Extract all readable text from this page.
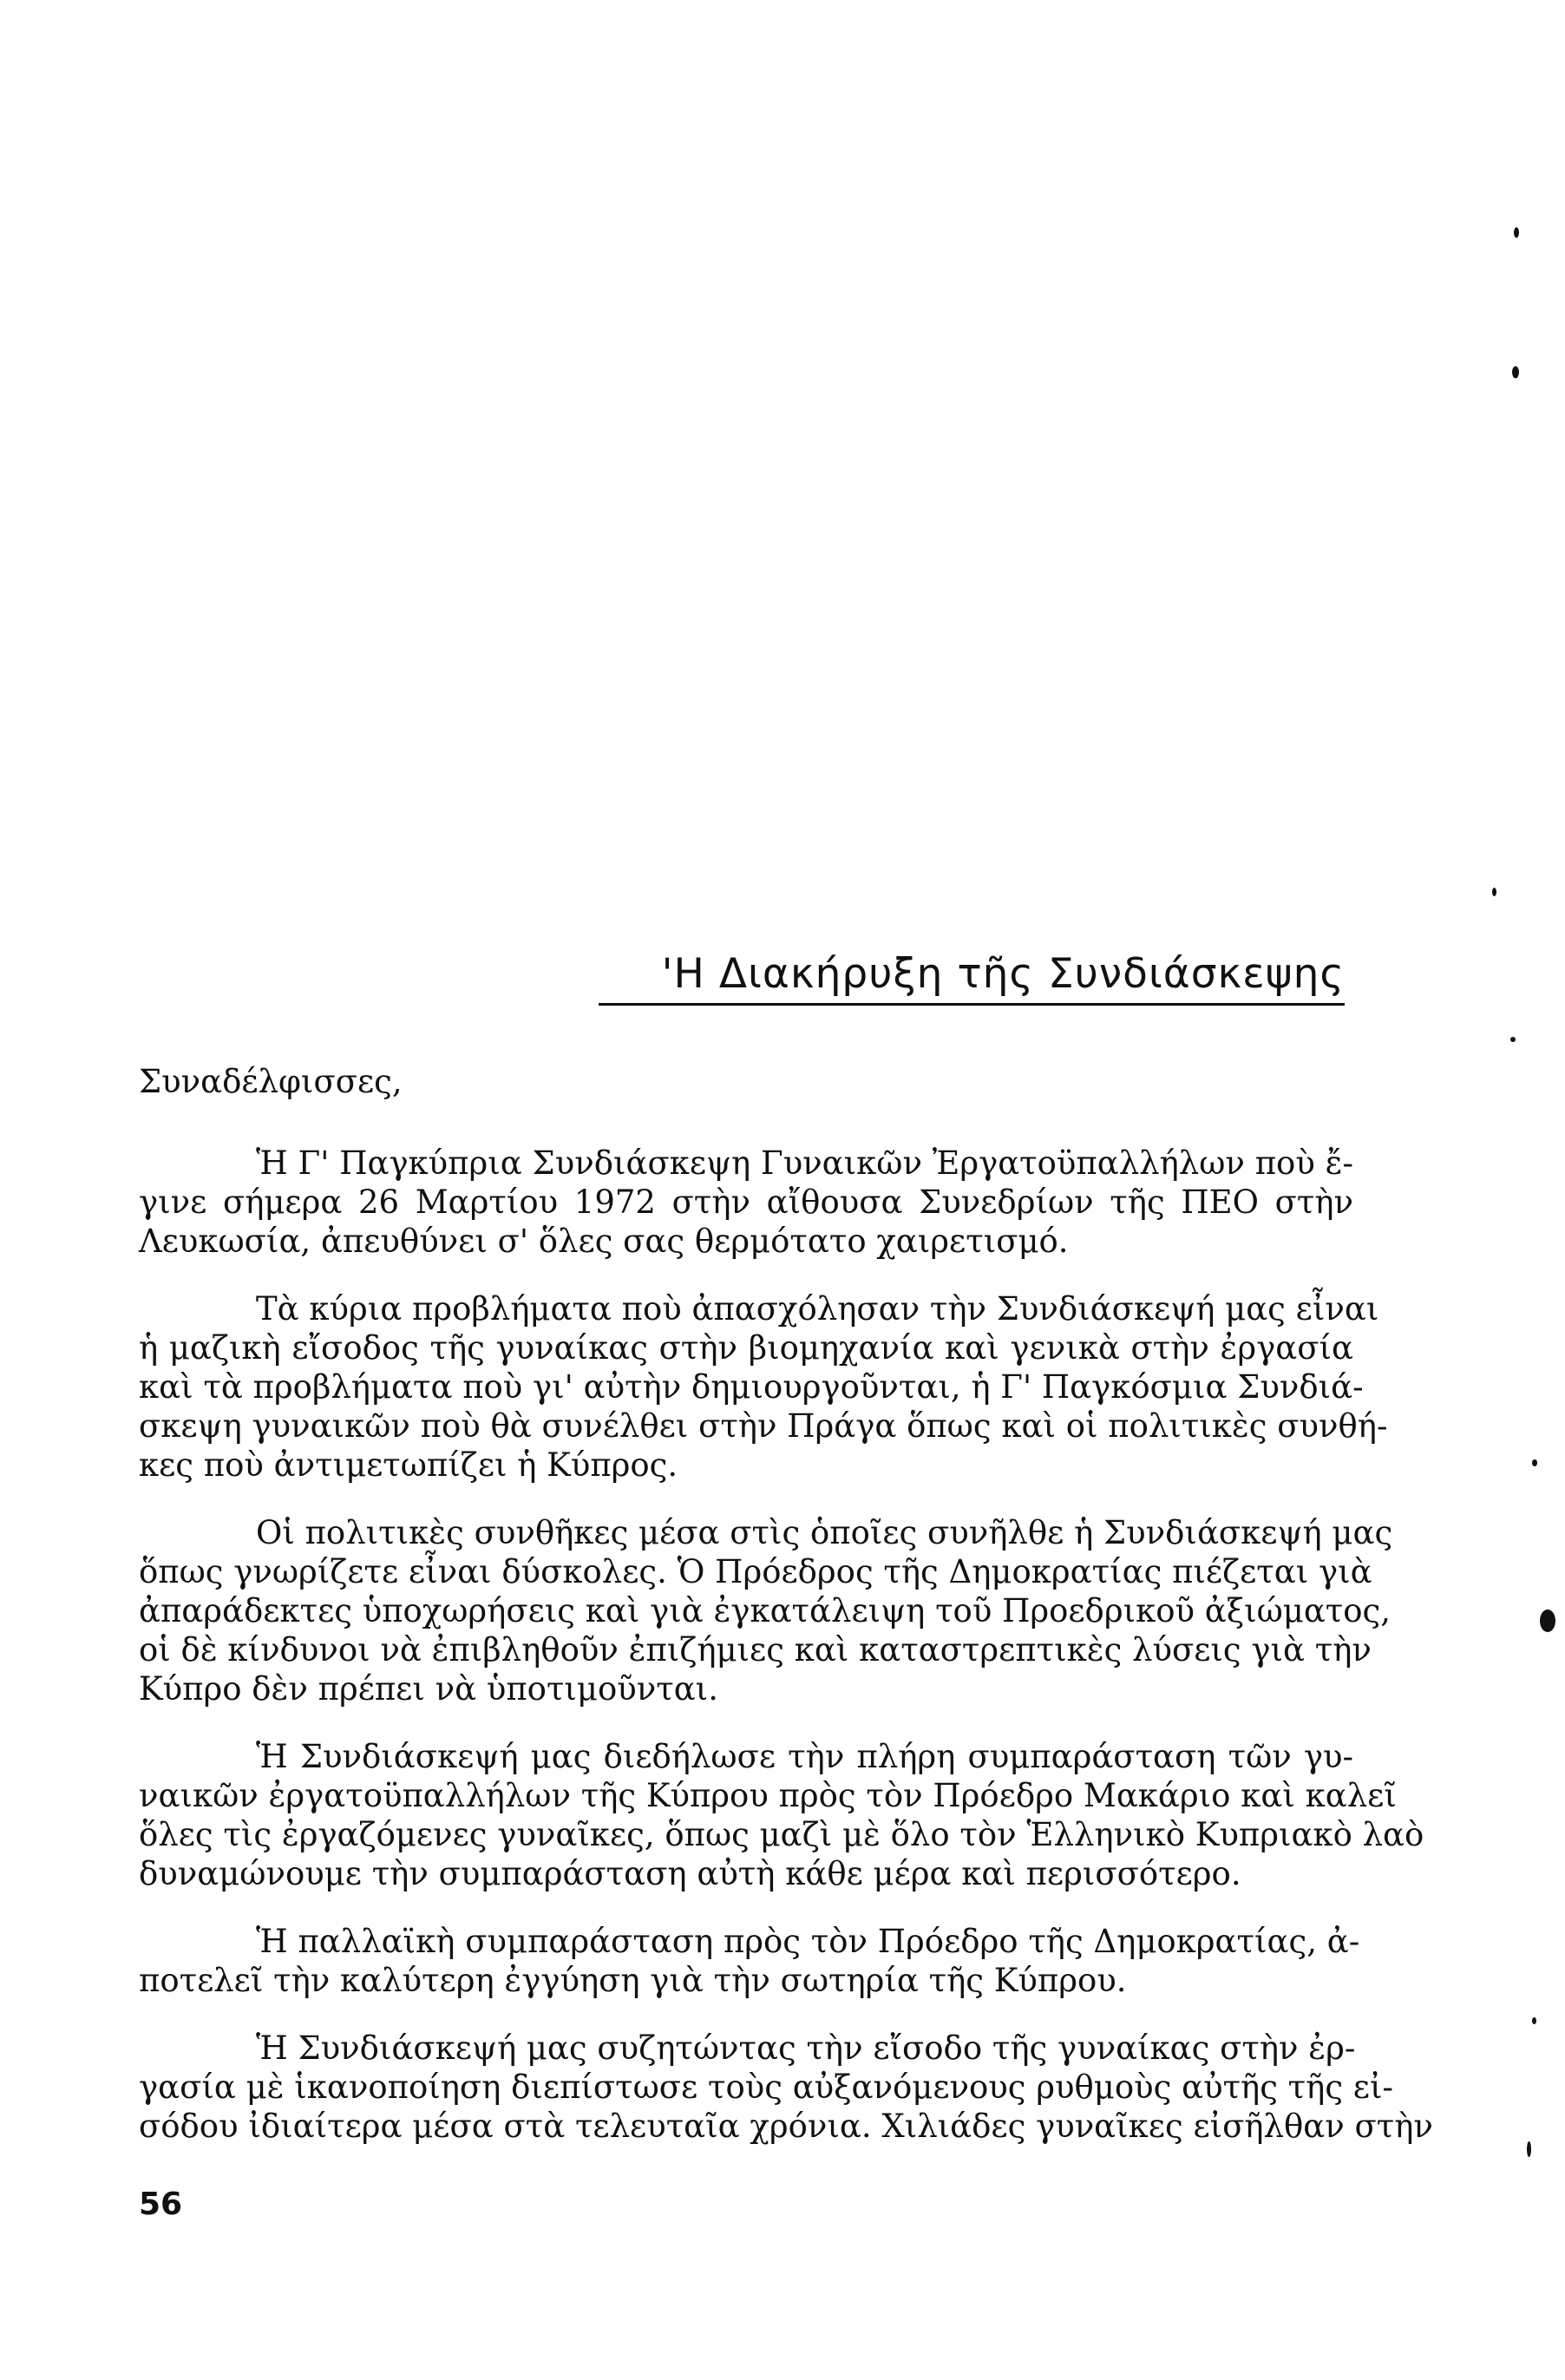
'Η Διακήρυξη τῆς Συνδιάσκεψης
Συναδέλφισσες,

Ἡ Γ' Παγκύπρια Συνδιάσκεψη Γυναικῶν Ἐργατοϋπαλλήλων ποὺ ἔ-
γινε σήμερα 26 Μαρτίου 1972 στὴν αἴθουσα Συνεδρίων τῆς ΠΕΟ στὴν
Λευκωσία, ἀπευθύνει σ' ὅλες σας θερμότατο χαιρετισμό.

Τὰ κύρια προβλήματα ποὺ ἀπασχόλησαν τὴν Συνδιάσκεψή μας εἶναι
ἡ μαζικὴ εἴσοδος τῆς γυναίκας στὴν βιομηχανία καὶ γενικὰ στὴν ἐργασία
καὶ τὰ προβλήματα ποὺ γι' αὐτὴν δημιουργοῦνται, ἡ Γ' Παγκόσμια Συνδιά-
σκεψη γυναικῶν ποὺ θὰ συνέλθει στὴν Πράγα ὅπως καὶ οἱ πολιτικὲς συνθή-
κες ποὺ ἀντιμετωπίζει ἡ Κύπρος.

Οἱ πολιτικὲς συνθῆκες μέσα στὶς ὁποῖες συνῆλθε ἡ Συνδιάσκεψή μας
ὅπως γνωρίζετε εἶναι δύσκολες. Ὁ Πρόεδρος τῆς Δημοκρατίας πιέζεται γιὰ
ἀπαράδεκτες ὑποχωρήσεις καὶ γιὰ ἐγκατάλειψη τοῦ Προεδρικοῦ ἀξιώματος,
οἱ δὲ κίνδυνοι νὰ ἐπιβληθοῦν ἐπιζήμιες καὶ καταστρεπτικὲς λύσεις γιὰ τὴν
Κύπρο δὲν πρέπει νὰ ὑποτιμοῦνται.

Ἡ Συνδιάσκεψή μας διεδήλωσε τὴν πλήρη συμπαράσταση τῶν γυ-
ναικῶν ἐργατοϋπαλλήλων τῆς Κύπρου πρὸς τὸν Πρόεδρο Μακάριο καὶ καλεῖ
ὅλες τὶς ἐργαζόμενες γυναῖκες, ὅπως μαζὶ μὲ ὅλο τὸν Ἑλληνικὸ Κυπριακὸ λαὸ
δυναμώνουμε τὴν συμπαράσταση αὐτὴ κάθε μέρα καὶ περισσότερο.

Ἡ παλλαϊκὴ συμπαράσταση πρὸς τὸν Πρόεδρο τῆς Δημοκρατίας, ἀ-
ποτελεῖ τὴν καλύτερη ἐγγύηση γιὰ τὴν σωτηρία τῆς Κύπρου.

Ἡ Συνδιάσκεψή μας συζητώντας τὴν εἴσοδο τῆς γυναίκας στὴν ἐρ-
γασία μὲ ἱκανοποίηση διεπίστωσε τοὺς αὐξανόμενους ρυθμοὺς αὐτῆς τῆς εἰ-
σόδου ἰδιαίτερα μέσα στὰ τελευταῖα χρόνια. Χιλιάδες γυναῖκες εἰσῆλθαν στὴν

56
